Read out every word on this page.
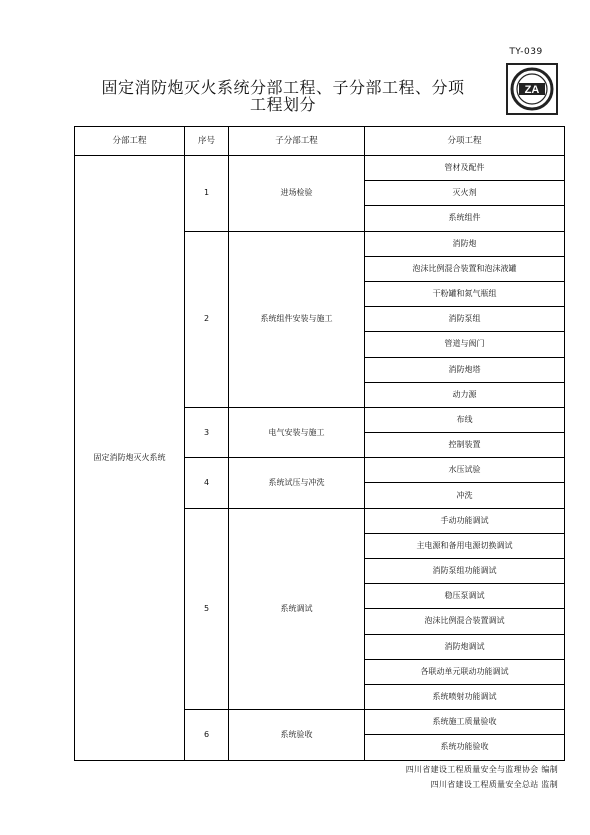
TY-039
固定消防炮灭火系统分部工程、子分部工程、分项
工程划分
ZA
分部工程	序号	子分部工程	分项工程
固定消防炮灭火系统	1	进场检验	管材及配件
			灭火剂
			系统组件
	2	系统组件安装与施工	消防炮
			泡沫比例混合装置和泡沫液罐
			干粉罐和氮气瓶组
			消防泵组
			管道与阀门
			消防炮塔
			动力源
	3	电气安装与施工	布线
			控制装置
	4	系统试压与冲洗	水压试验
			冲洗
	5	系统调试	手动功能调试
			主电源和备用电源切换调试
			消防泵组功能调试
			稳压泵调试
			泡沫比例混合装置调试
			消防炮调试
			各联动单元联动功能调试
			系统喷射功能调试
	6	系统验收	系统施工质量验收
			系统功能验收
四川省建设工程质量安全与监理协会 编制
四川省建设工程质量安全总站 监制
